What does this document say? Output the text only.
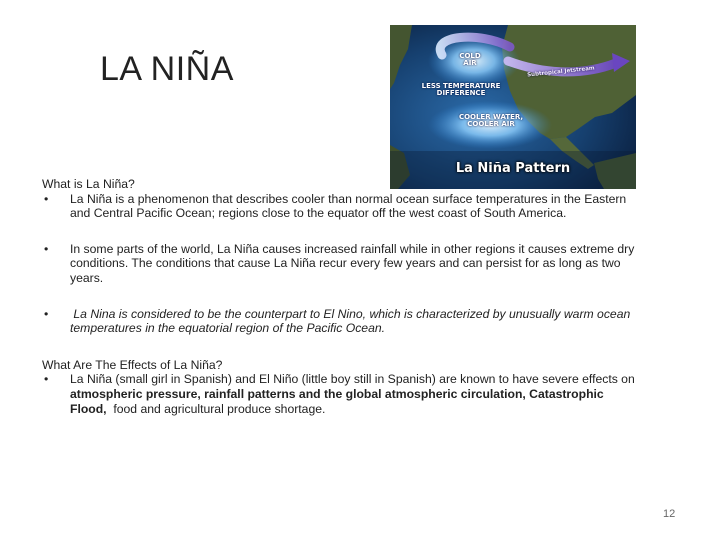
LA NIÑA	COLD AIR
LESS TEMPERATURE DIFFERENCE
COOLER WATER, COOLER AIR
Subtropical Jetstream
La Niña Pattern

What is La Niña?

•	La Niña is a phenomenon that describes cooler than normal ocean surface temperatures in the Eastern and Central Pacific Ocean; regions close to the equator off the west coast of South America.
•	In some parts of the world, La Niña causes increased rainfall while in other regions it causes extreme dry conditions. The conditions that cause La Niña recur every few years and can persist for as long as two years.
•	La Nina is considered to be the counterpart to El Nino, which is characterized by unusually warm ocean temperatures in the equatorial region of the Pacific Ocean.

What Are The Effects of La Niña?

•	La Niña (small girl in Spanish) and El Niño (little boy still in Spanish) are known to have severe effects on atmospheric pressure, rainfall patterns and the global atmospheric circulation, Catastrophic Flood,  food and agricultural produce shortage.
12
